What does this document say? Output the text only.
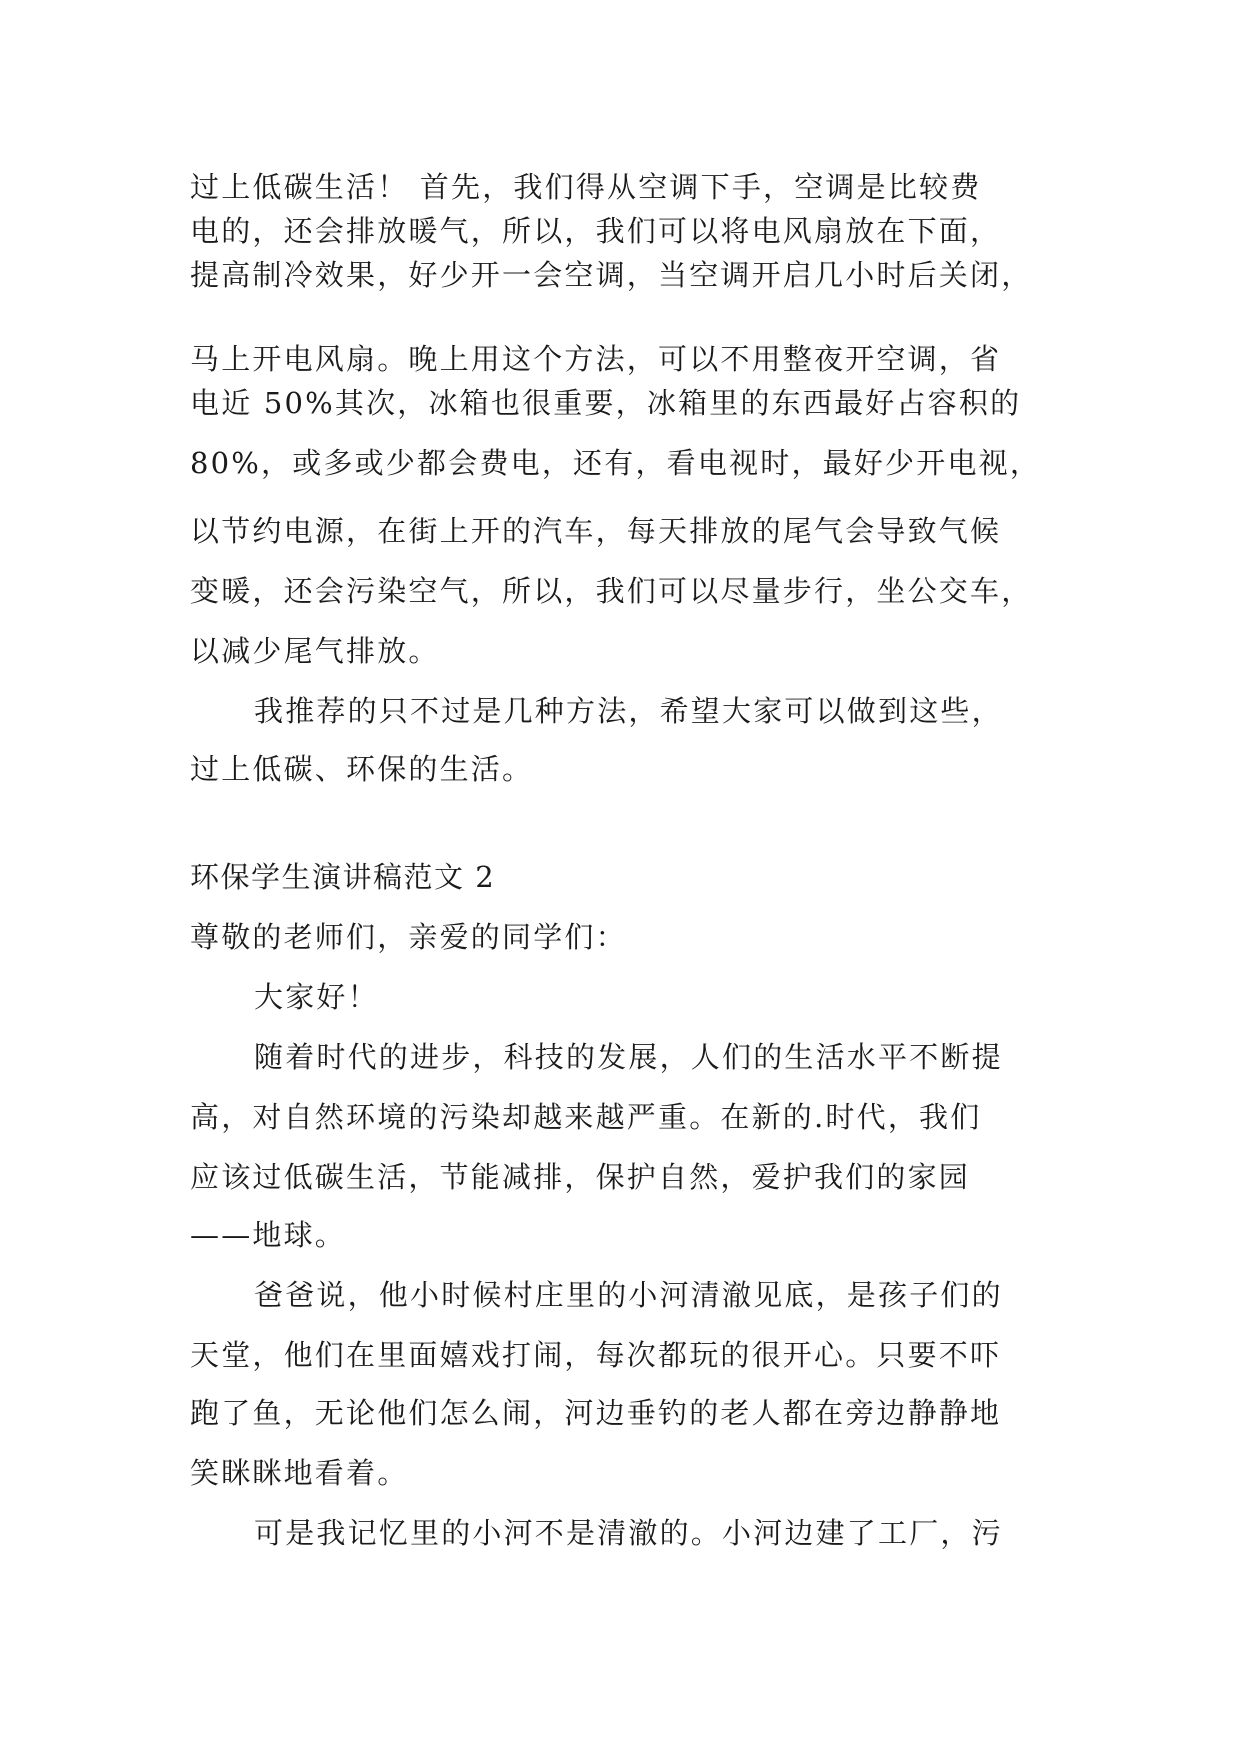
过上低碳生活！ 首先，我们得从空调下手，空调是比较费
电的，还会排放暖气，所以，我们可以将电风扇放在下面，
提高制冷效果，好少开一会空调，当空调开启几小时后关闭，
马上开电风扇。晚上用这个方法，可以不用整夜开空调，省
电近 50%其次，冰箱也很重要，冰箱里的东西最好占容积的
80%，或多或少都会费电，还有，看电视时，最好少开电视，
以节约电源，在街上开的汽车，每天排放的尾气会导致气候
变暖，还会污染空气，所以，我们可以尽量步行，坐公交车，
以减少尾气排放。
我推荐的只不过是几种方法，希望大家可以做到这些，
过上低碳、环保的生活。
环保学生演讲稿范文 2
尊敬的老师们，亲爱的同学们：
大家好！
随着时代的进步，科技的发展，人们的生活水平不断提
高，对自然环境的污染却越来越严重。在新的.时代，我们
应该过低碳生活，节能减排，保护自然，爱护我们的家园
——地球。
爸爸说，他小时候村庄里的小河清澈见底，是孩子们的
天堂，他们在里面嬉戏打闹，每次都玩的很开心。只要不吓
跑了鱼，无论他们怎么闹，河边垂钓的老人都在旁边静静地
笑眯眯地看着。
可是我记忆里的小河不是清澈的。小河边建了工厂，污
